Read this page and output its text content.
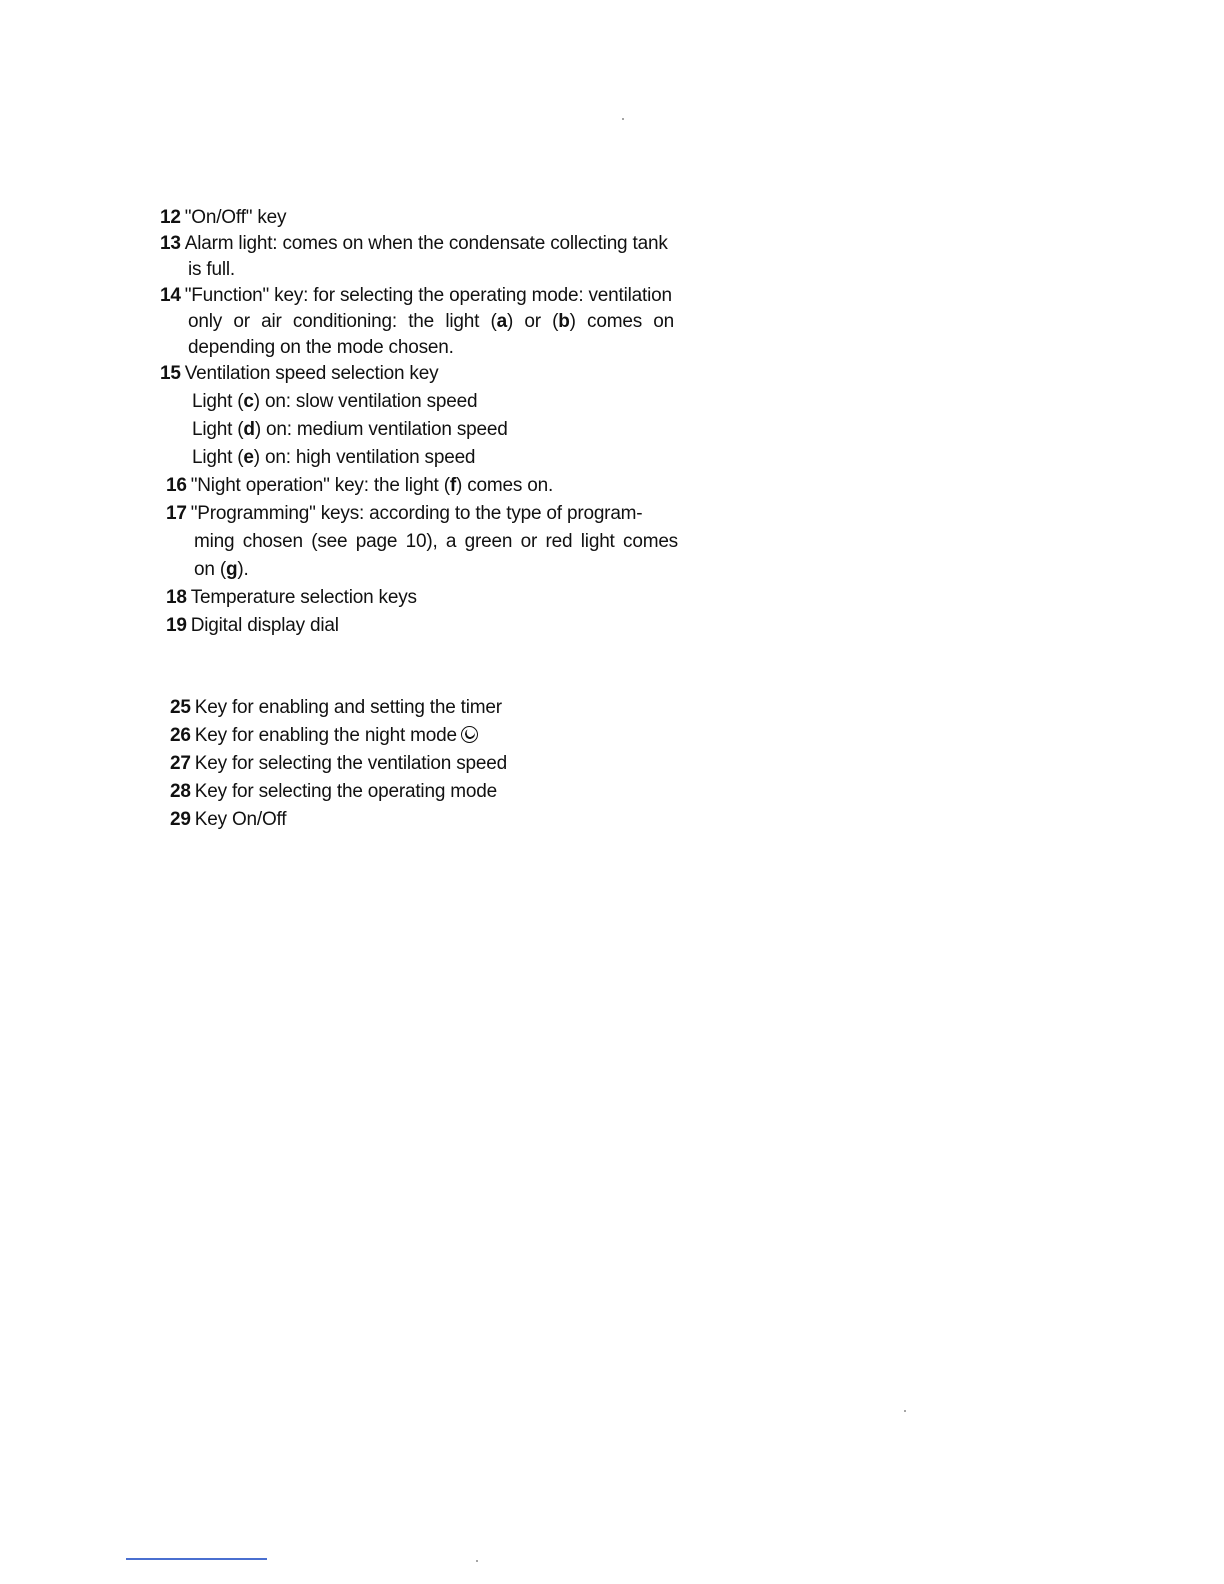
12 "On/Off" key
13 Alarm light: comes on when the condensate collecting tank
is full.
14 "Function" key: for selecting the operating mode: ventilation
only or air conditioning: the light (a) or (b) comes on
depending on the mode chosen.
15 Ventilation speed selection key
Light (c) on: slow ventilation speed
Light (d) on: medium ventilation speed
Light (e) on: high ventilation speed
16 "Night operation" key: the light (f) comes on.
17 "Programming" keys: according to the type of program-
ming chosen (see page 10), a green or red light comes
on (g).
18 Temperature selection keys
19 Digital display dial
25 Key for enabling and setting the timer
26 Key for enabling the night mode
27 Key for selecting the ventilation speed
28 Key for selecting the operating mode
29 Key On/Off
